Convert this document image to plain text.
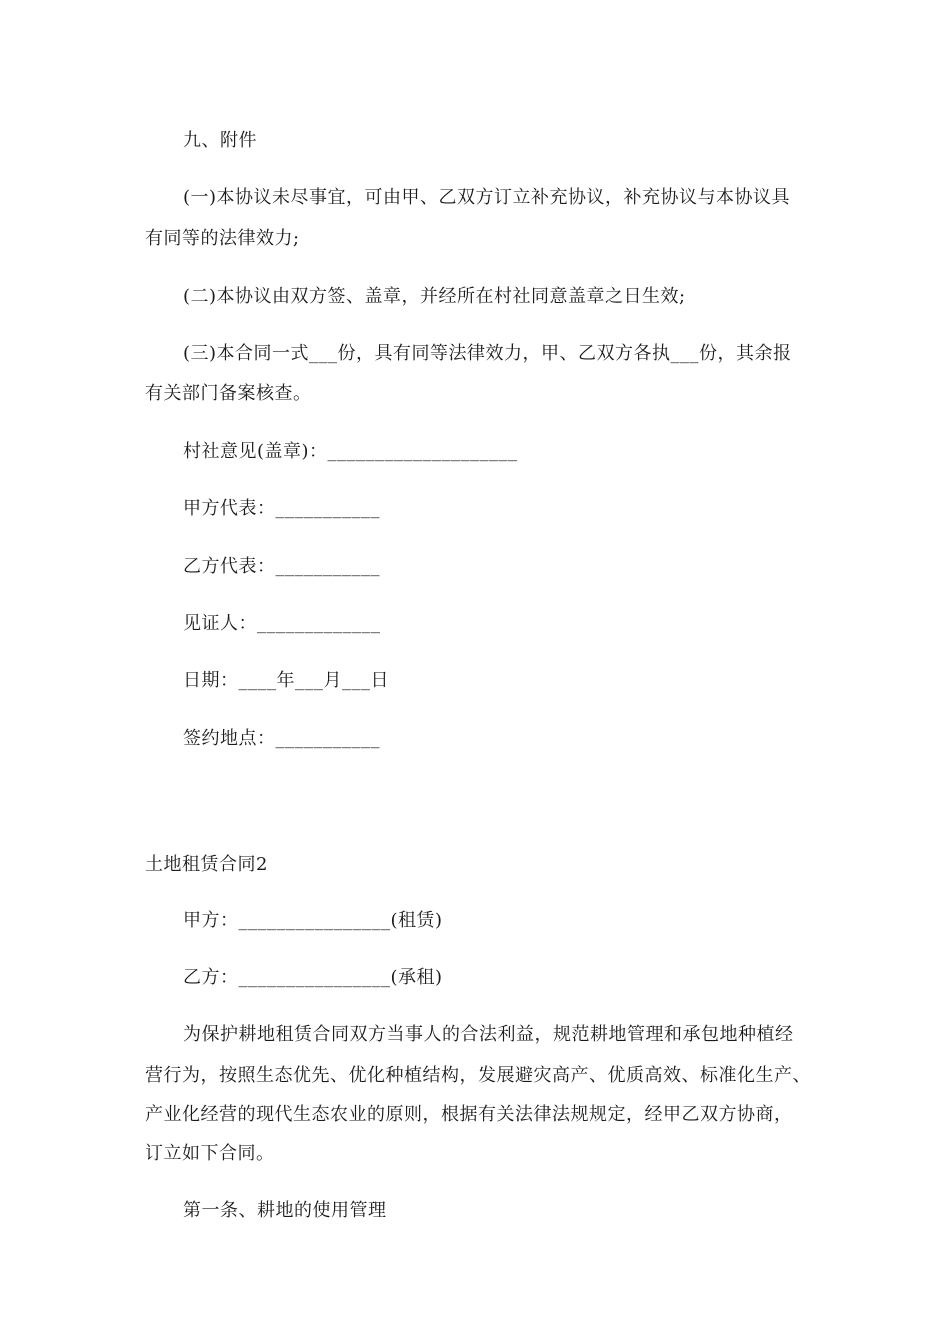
九、附件
(一)本协议未尽事宜，可由甲、乙双方订立补充协议，补充协议与本协议具
有同等的法律效力;
(二)本协议由双方签、盖章，并经所在村社同意盖章之日生效;
(三)本合同一式___份，具有同等法律效力，甲、乙双方各执___份，其余报
有关部门备案核查。
村社意见(盖章)：____________________
甲方代表：___________
乙方代表：___________
见证人：_____________
日期：____年___月___日
签约地点：___________
土地租赁合同2
甲方：________________(租赁)
乙方：________________(承租)
为保护耕地租赁合同双方当事人的合法利益，规范耕地管理和承包地种植经
营行为，按照生态优先、优化种植结构，发展避灾高产、优质高效、标准化生产、
产业化经营的现代生态农业的原则，根据有关法律法规规定，经甲乙双方协商，
订立如下合同。
第一条、耕地的使用管理
